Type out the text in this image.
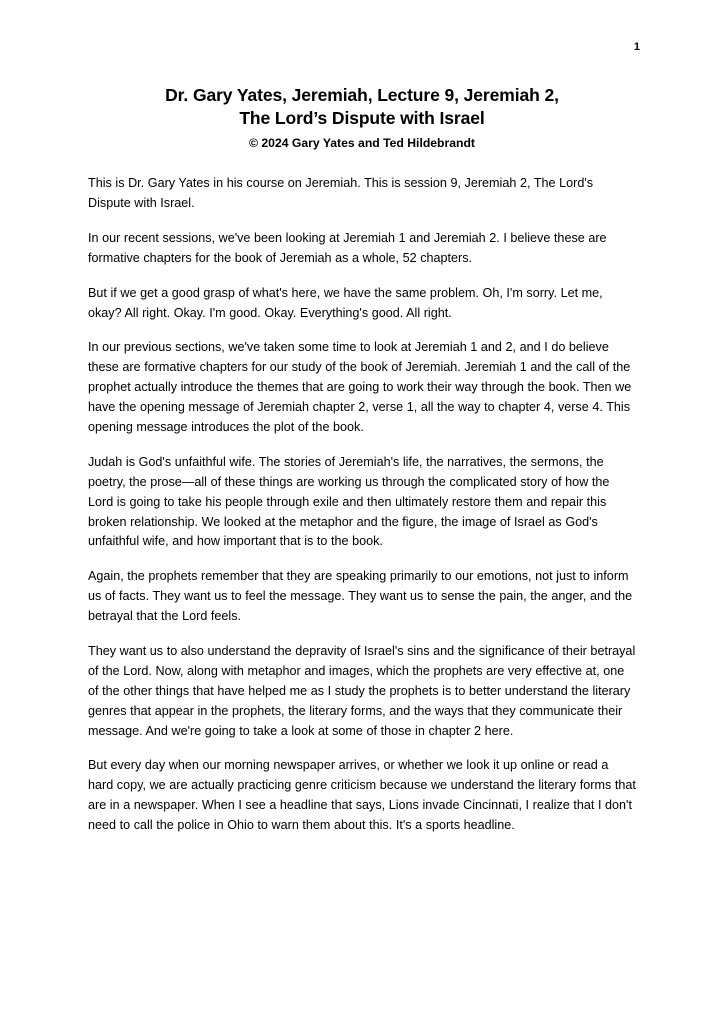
1
Dr. Gary Yates, Jeremiah, Lecture 9, Jeremiah 2,
The Lord’s Dispute with Israel
© 2024 Gary Yates and Ted Hildebrandt

This is Dr. Gary Yates in his course on Jeremiah. This is session 9, Jeremiah 2, The Lord's Dispute with Israel.

In our recent sessions, we've been looking at Jeremiah 1 and Jeremiah 2. I believe these are formative chapters for the book of Jeremiah as a whole, 52 chapters.

But if we get a good grasp of what's here, we have the same problem. Oh, I'm sorry. Let me, okay? All right. Okay. I'm good. Okay. Everything's good. All right.

In our previous sections, we've taken some time to look at Jeremiah 1 and 2, and I do believe these are formative chapters for our study of the book of Jeremiah. Jeremiah 1 and the call of the prophet actually introduce the themes that are going to work their way through the book. Then we have the opening message of Jeremiah chapter 2, verse 1, all the way to chapter 4, verse 4. This opening message introduces the plot of the book.

Judah is God's unfaithful wife. The stories of Jeremiah's life, the narratives, the sermons, the poetry, the prose—all of these things are working us through the complicated story of how the Lord is going to take his people through exile and then ultimately restore them and repair this broken relationship. We looked at the metaphor and the figure, the image of Israel as God's unfaithful wife, and how important that is to the book.

Again, the prophets remember that they are speaking primarily to our emotions, not just to inform us of facts. They want us to feel the message. They want us to sense the pain, the anger, and the betrayal that the Lord feels.

They want us to also understand the depravity of Israel's sins and the significance of their betrayal of the Lord. Now, along with metaphor and images, which the prophets are very effective at, one of the other things that have helped me as I study the prophets is to better understand the literary genres that appear in the prophets, the literary forms, and the ways that they communicate their message. And we're going to take a look at some of those in chapter 2 here.

But every day when our morning newspaper arrives, or whether we look it up online or read a hard copy, we are actually practicing genre criticism because we understand the literary forms that are in a newspaper. When I see a headline that says, Lions invade Cincinnati, I realize that I don't need to call the police in Ohio to warn them about this. It's a sports headline.
